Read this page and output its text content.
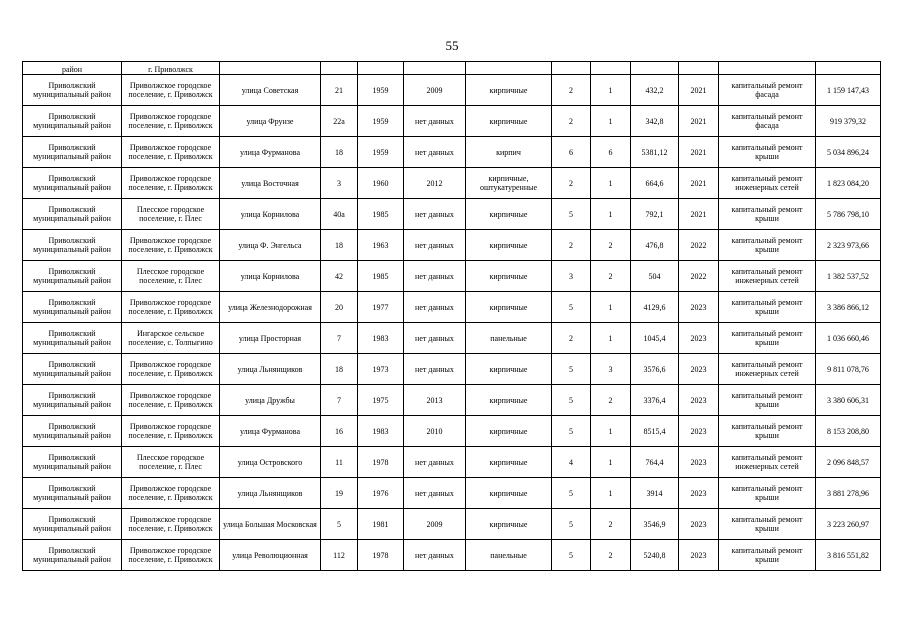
55
район	г. Приволжск											
Приволжский муниципальный район	Приволжское городское поселение, г. Приволжск	улица Советская	21	1959	2009	кирпичные	2	1	432,2	2021	капитальный ремонт фасада	1 159 147,43
Приволжский муниципальный район	Приволжское городское поселение, г. Приволжск	улица Фрунзе	22а	1959	нет данных	кирпичные	2	1	342,8	2021	капитальный ремонт фасада	919 379,32
Приволжский муниципальный район	Приволжское городское поселение, г. Приволжск	улица Фурманова	18	1959	нет данных	кирпич	6	6	5381,12	2021	капитальный ремонт крыши	5 034 896,24
Приволжский муниципальный район	Приволжское городское поселение, г. Приволжск	улица Восточная	3	1960	2012	кирпичные, оштукатуренные	2	1	664,6	2021	капитальный ремонт инженерных сетей	1 823 084,20
Приволжский муниципальный район	Плесское городское поселение, г. Плес	улица Корнилова	40а	1985	нет данных	кирпичные	5	1	792,1	2021	капитальный ремонт крыши	5 786 798,10
Приволжский муниципальный район	Приволжское городское поселение, г. Приволжск	улица Ф. Энгельса	18	1963	нет данных	кирпичные	2	2	476,8	2022	капитальный ремонт крыши	2 323 973,66
Приволжский муниципальный район	Плесское городское поселение, г. Плес	улица Корнилова	42	1985	нет данных	кирпичные	3	2	504	2022	капитальный ремонт инженерных сетей	1 382 537,52
Приволжский муниципальный район	Приволжское городское поселение, г. Приволжск	улица Железнодорожная	20	1977	нет данных	кирпичные	5	1	4129,6	2023	капитальный ремонт крыши	3 386 866,12
Приволжский муниципальный район	Ингарское сельское поселение, с. Толпыгино	улица Просторная	7	1983	нет данных	панельные	2	1	1045,4	2023	капитальный ремонт крыши	1 036 660,46
Приволжский муниципальный район	Приволжское городское поселение, г. Приволжск	улица Льнянщиков	18	1973	нет данных	кирпичные	5	3	3576,6	2023	капитальный ремонт инженерных сетей	9 811 078,76
Приволжский муниципальный район	Приволжское городское поселение, г. Приволжск	улица Дружбы	7	1975	2013	кирпичные	5	2	3376,4	2023	капитальный ремонт крыши	3 380 606,31
Приволжский муниципальный район	Приволжское городское поселение, г. Приволжск	улица Фурманова	16	1983	2010	кирпичные	5	1	8515,4	2023	капитальный ремонт крыши	8 153 208,80
Приволжский муниципальный район	Плесское городское поселение, г. Плес	улица Островского	11	1978	нет данных	кирпичные	4	1	764,4	2023	капитальный ремонт инженерных сетей	2 096 848,57
Приволжский муниципальный район	Приволжское городское поселение, г. Приволжск	улица Льнянщиков	19	1976	нет данных	кирпичные	5	1	3914	2023	капитальный ремонт крыши	3 881 278,96
Приволжский муниципальный район	Приволжское городское поселение, г. Приволжск	улица Большая Московская	5	1981	2009	кирпичные	5	2	3546,9	2023	капитальный ремонт крыши	3 223 260,97
Приволжский муниципальный район	Приволжское городское поселение, г. Приволжск	улица Революционная	112	1978	нет данных	панельные	5	2	5240,8	2023	капитальный ремонт крыши	3 816 551,82
